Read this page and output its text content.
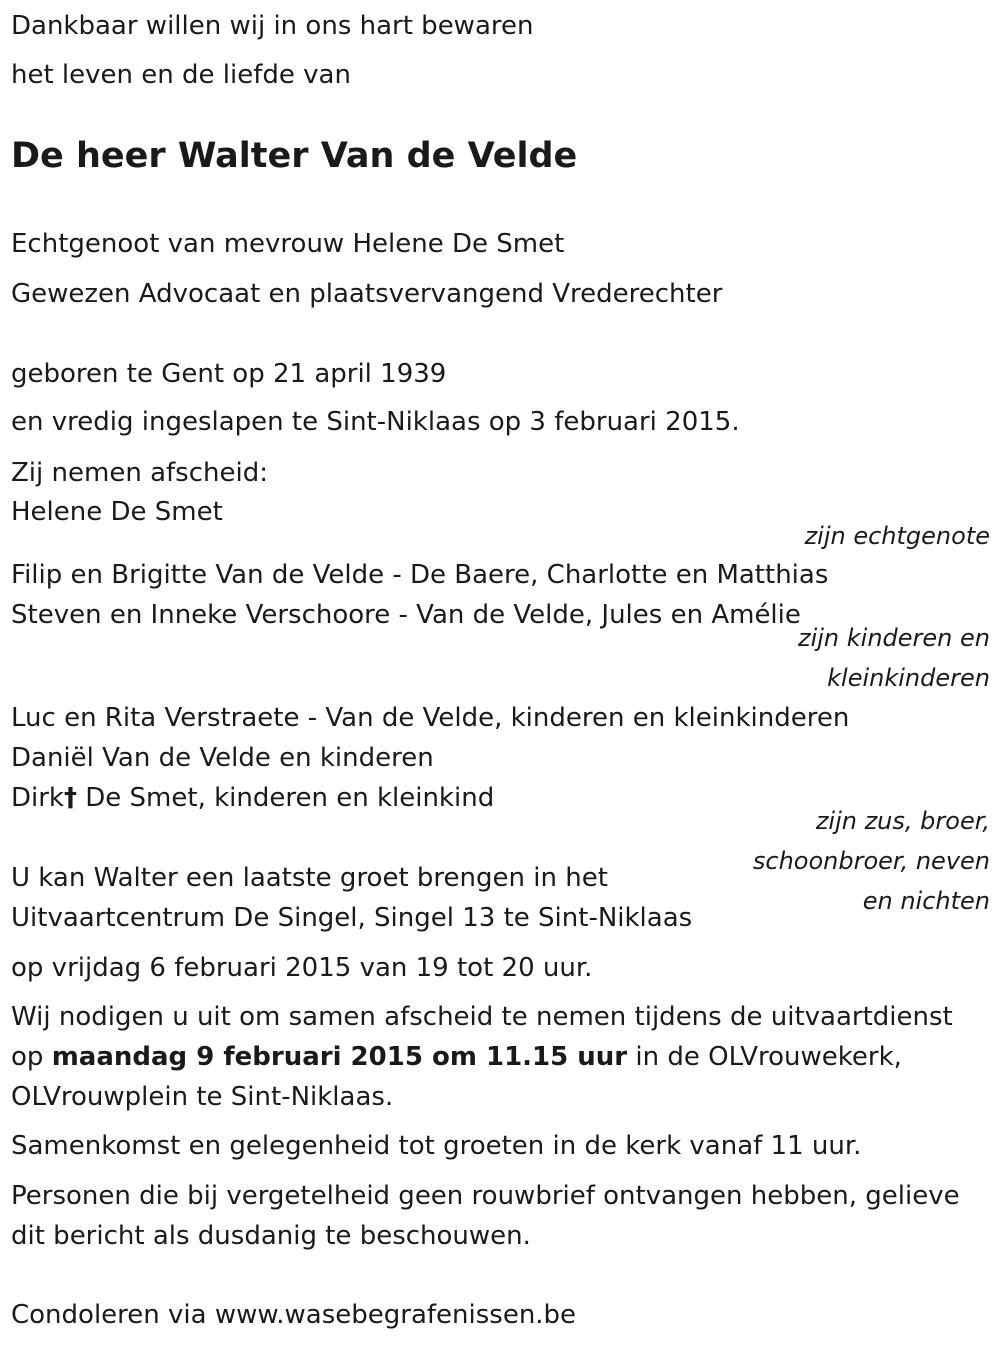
Dankbaar willen wij in ons hart bewaren

het leven en de liefde van

De heer Walter Van de Velde

Echtgenoot van mevrouw Helene De Smet

Gewezen Advocaat en plaatsvervangend Vrederechter

geboren te Gent op 21 april 1939

en vredig ingeslapen te Sint-Niklaas op 3 februari 2015.

Zij nemen afscheid:

Helene De Smet

zijn echtgenote

Filip en Brigitte Van de Velde - De Baere, Charlotte en Matthias

Steven en Inneke Verschoore - Van de Velde, Jules en Amélie

zijn kinderen en
kleinkinderen

Luc en Rita Verstraete - Van de Velde, kinderen en kleinkinderen

Daniël Van de Velde en kinderen

Dirk† De Smet, kinderen en kleinkind

zijn zus, broer,
schoonbroer, neven
en nichten

U kan Walter een laatste groet brengen in het

Uitvaartcentrum De Singel, Singel 13 te Sint-Niklaas

op vrijdag 6 februari 2015 van 19 tot 20 uur.

Wij nodigen u uit om samen afscheid te nemen tijdens de uitvaartdienst

op maandag 9 februari 2015 om 11.15 uur in de OLVrouwekerk,

OLVrouwplein te Sint-Niklaas.

Samenkomst en gelegenheid tot groeten in de kerk vanaf 11 uur.

Personen die bij vergetelheid geen rouwbrief ontvangen hebben, gelieve

dit bericht als dusdanig te beschouwen.

Condoleren via www.wasebegrafenissen.be
